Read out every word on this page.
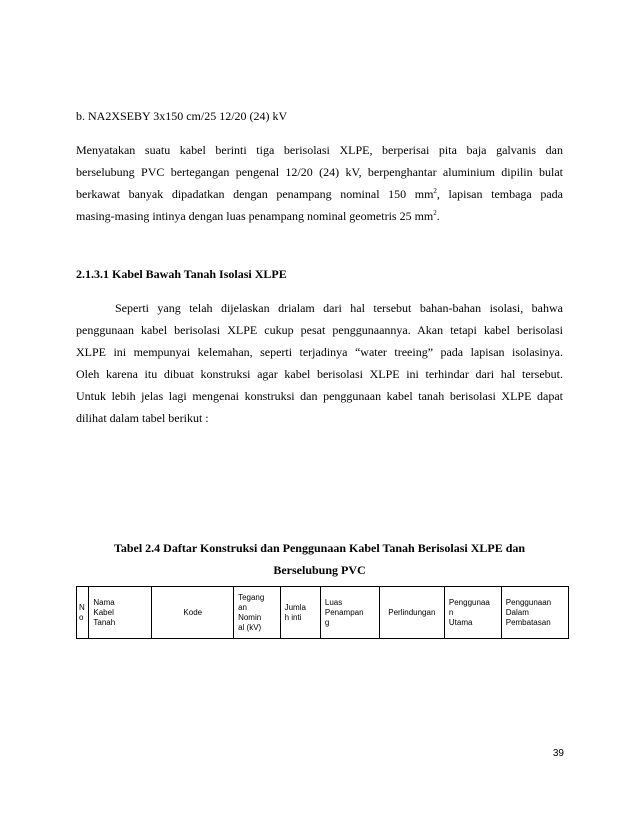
b. NA2XSEBY 3x150 cm/25 12/20 (24) kV
Menyatakan suatu kabel berinti tiga berisolasi XLPE, berperisai pita baja galvanis dan
berselubung PVC bertegangan pengenal 12/20 (24) kV, berpenghantar aluminium dipilin bulat
berkawat banyak dipadatkan dengan penampang nominal 150 $mm^2$, lapisan tembaga pada
masing-masing intinya dengan luas penampang nominal geometris 25 $mm^2$.
2.1.3.1 Kabel Bawah Tanah Isolasi XLPE
Seperti yang telah dijelaskan drialam dari hal tersebut bahan-bahan isolasi, bahwa
penggunaan kabel berisolasi XLPE cukup pesat penggunaannya. Akan tetapi kabel berisolasi
XLPE ini mempunyai kelemahan, seperti terjadinya “water treeing” pada lapisan isolasinya.
Oleh karena itu dibuat konstruksi agar kabel berisolasi XLPE ini terhindar dari hal tersebut.
Untuk lebih jelas lagi mengenai konstruksi dan penggunaan kabel tanah berisolasi XLPE dapat
dilihat dalam tabel berikut :
Tabel 2.4 Daftar Konstruksi dan Penggunaan Kabel Tanah Berisolasi XLPE dan
Berselubung PVC
N
o	Nama
Kabel
Tanah	Kode	Tegang
an
Nomin
al (kV)	Jumla
h inti	Luas
Penampan
g	Perlindungan	Penggunaa
n
Utama	Penggunaan
Dalam
Pembatasan
39
